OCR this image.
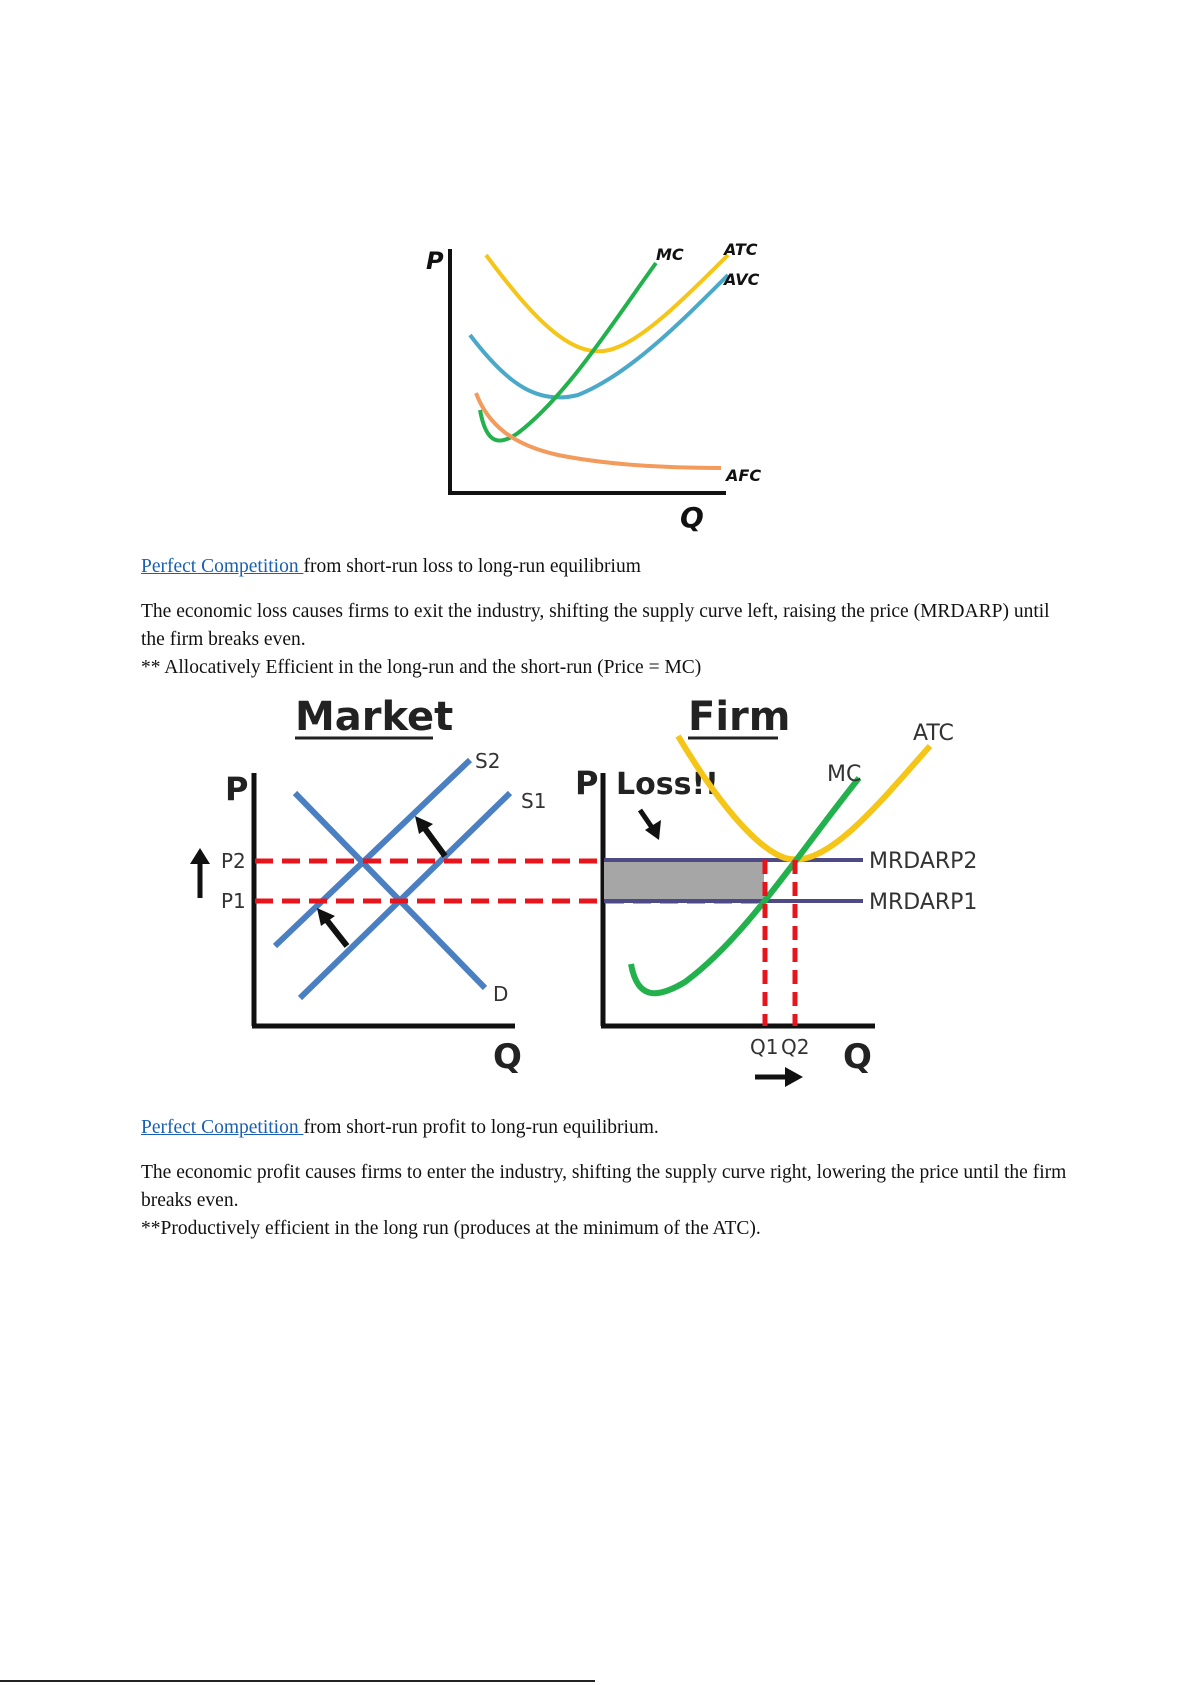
P
Q
MC	ATC
AVC
AFC

Perfect Competition from short-run loss to long-run equilibrium

The economic loss causes firms to exit the industry, shifting the supply curve left, raising the price (MRDARP) until the firm breaks even.
** Allocatively Efficient in the long-run and the short-run (Price = MC)
Market
P
Q
S2
S1
D
P2
P1
Firm
P
Q
Loss!!
ATC
MC
MRDARP2
MRDARP1
Q1 Q2

Perfect Competition from short-run profit to long-run equilibrium.

The economic profit causes firms to enter the industry, shifting the supply curve right, lowering the price until the firm breaks even.
**Productively efficient in the long run (produces at the minimum of the ATC).
